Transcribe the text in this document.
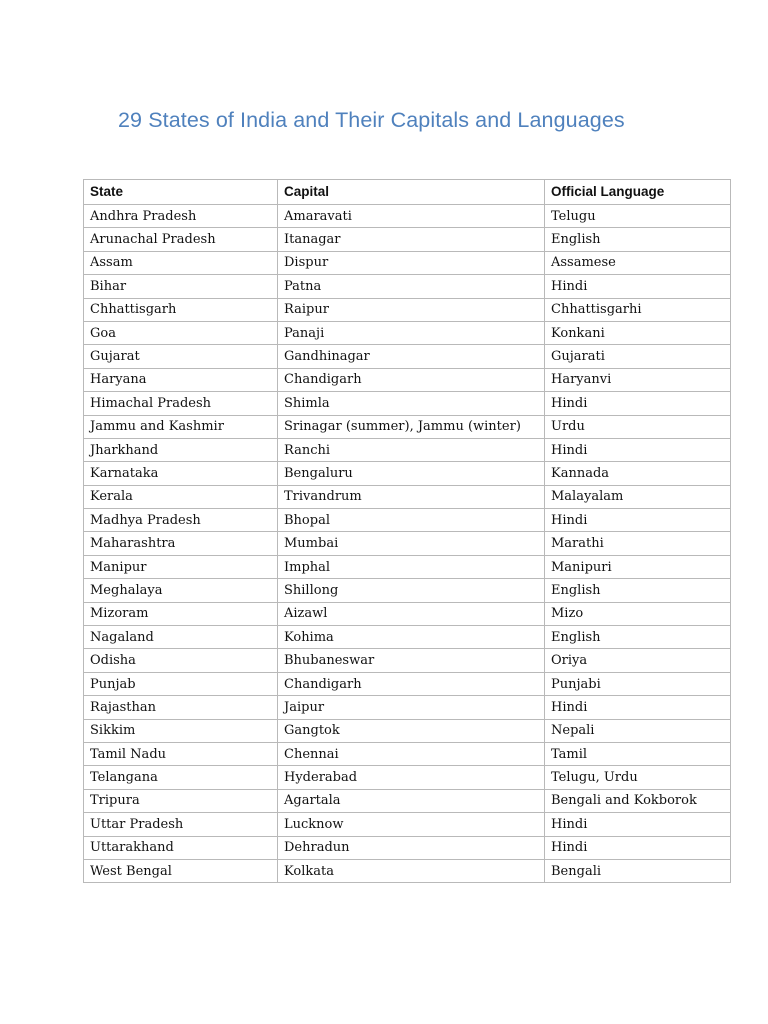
29 States of India and Their Capitals and Languages
State	Capital	Official Language
Andhra Pradesh	Amaravati	Telugu
Arunachal Pradesh	Itanagar	English
Assam	Dispur	Assamese
Bihar	Patna	Hindi
Chhattisgarh	Raipur	Chhattisgarhi
Goa	Panaji	Konkani
Gujarat	Gandhinagar	Gujarati
Haryana	Chandigarh	Haryanvi
Himachal Pradesh	Shimla	Hindi
Jammu and Kashmir	Srinagar (summer), Jammu (winter)	Urdu
Jharkhand	Ranchi	Hindi
Karnataka	Bengaluru	Kannada
Kerala	Trivandrum	Malayalam
Madhya Pradesh	Bhopal	Hindi
Maharashtra	Mumbai	Marathi
Manipur	Imphal	Manipuri
Meghalaya	Shillong	English
Mizoram	Aizawl	Mizo
Nagaland	Kohima	English
Odisha	Bhubaneswar	Oriya
Punjab	Chandigarh	Punjabi
Rajasthan	Jaipur	Hindi
Sikkim	Gangtok	Nepali
Tamil Nadu	Chennai	Tamil
Telangana	Hyderabad	Telugu, Urdu
Tripura	Agartala	Bengali and Kokborok
Uttar Pradesh	Lucknow	Hindi
Uttarakhand	Dehradun	Hindi
West Bengal	Kolkata	Bengali
